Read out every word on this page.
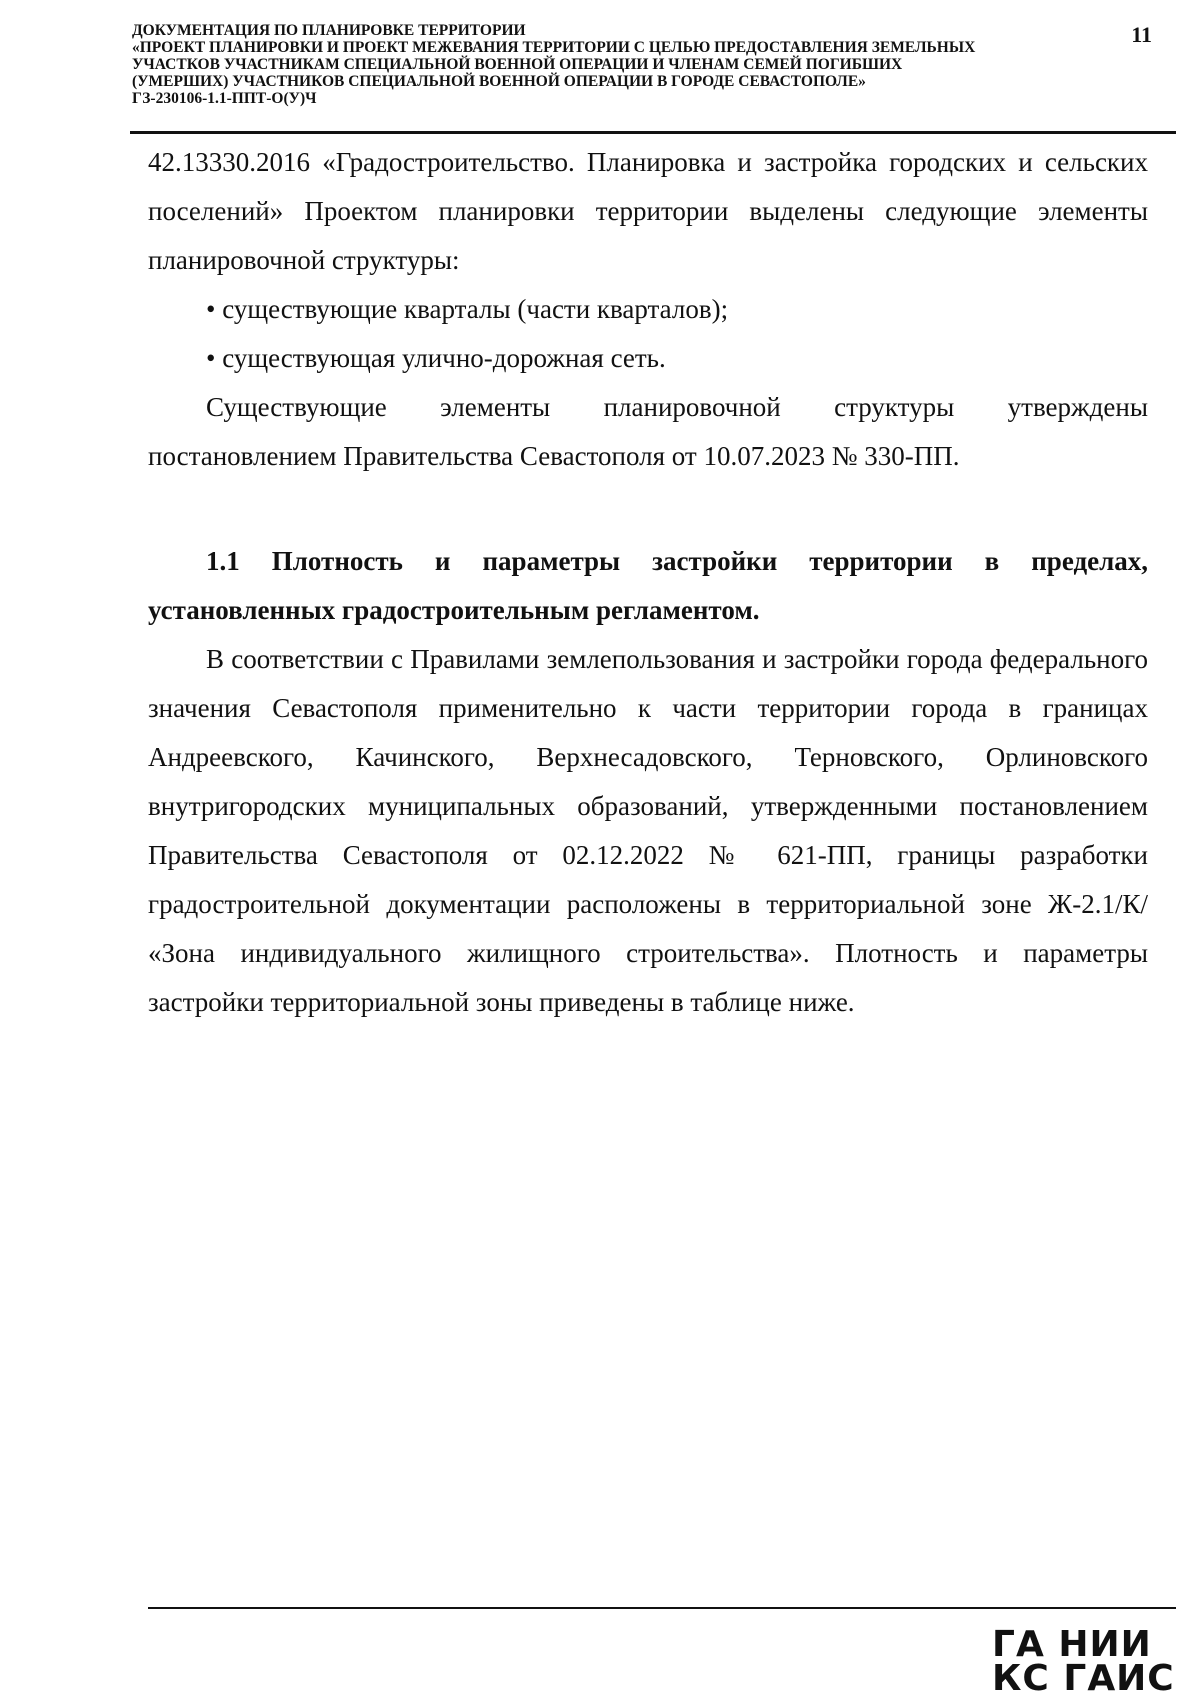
ДОКУМЕНТАЦИЯ ПО ПЛАНИРОВКЕ ТЕРРИТОРИИ
«ПРОЕКТ ПЛАНИРОВКИ И ПРОЕКТ МЕЖЕВАНИЯ ТЕРРИТОРИИ С ЦЕЛЬЮ ПРЕДОСТАВЛЕНИЯ ЗЕМЕЛЬНЫХ
УЧАСТКОВ УЧАСТНИКАМ СПЕЦИАЛЬНОЙ ВОЕННОЙ ОПЕРАЦИИ И ЧЛЕНАМ СЕМЕЙ ПОГИБШИХ
(УМЕРШИХ) УЧАСТНИКОВ СПЕЦИАЛЬНОЙ ВОЕННОЙ ОПЕРАЦИИ В ГОРОДЕ СЕВАСТОПОЛЕ»
ГЗ-230106-1.1-ППТ-О(У)Ч
11

42.13330.2016 «Градостроительство. Планировка и застройка городских и сельских поселений» Проектом планировки территории выделены следующие элементы планировочной структуры:

• существующие кварталы (части кварталов);

• существующая улично-дорожная сеть.

Существующие элементы планировочной структуры утверждены постановлением Правительства Севастополя от 10.07.2023 № 330-ПП.

1.1 Плотность и параметры застройки территории в пределах, установленных градостроительным регламентом.

В соответствии с Правилами землепользования и застройки города федерального значения Севастополя применительно к части территории города в границах Андреевского, Качинского, Верхнесадовского, Терновского, Орлиновского внутригородских муниципальных образований, утвержденными постановлением Правительства Севастополя от 02.12.2022 № 621-ПП, границы разработки градостроительной документации расположены в территориальной зоне Ж-2.1/К/ «Зона индивидуального жилищного строительства». Плотность и параметры застройки территориальной зоны приведены в таблице ниже.

ГА НИИ
КС ГАИС
